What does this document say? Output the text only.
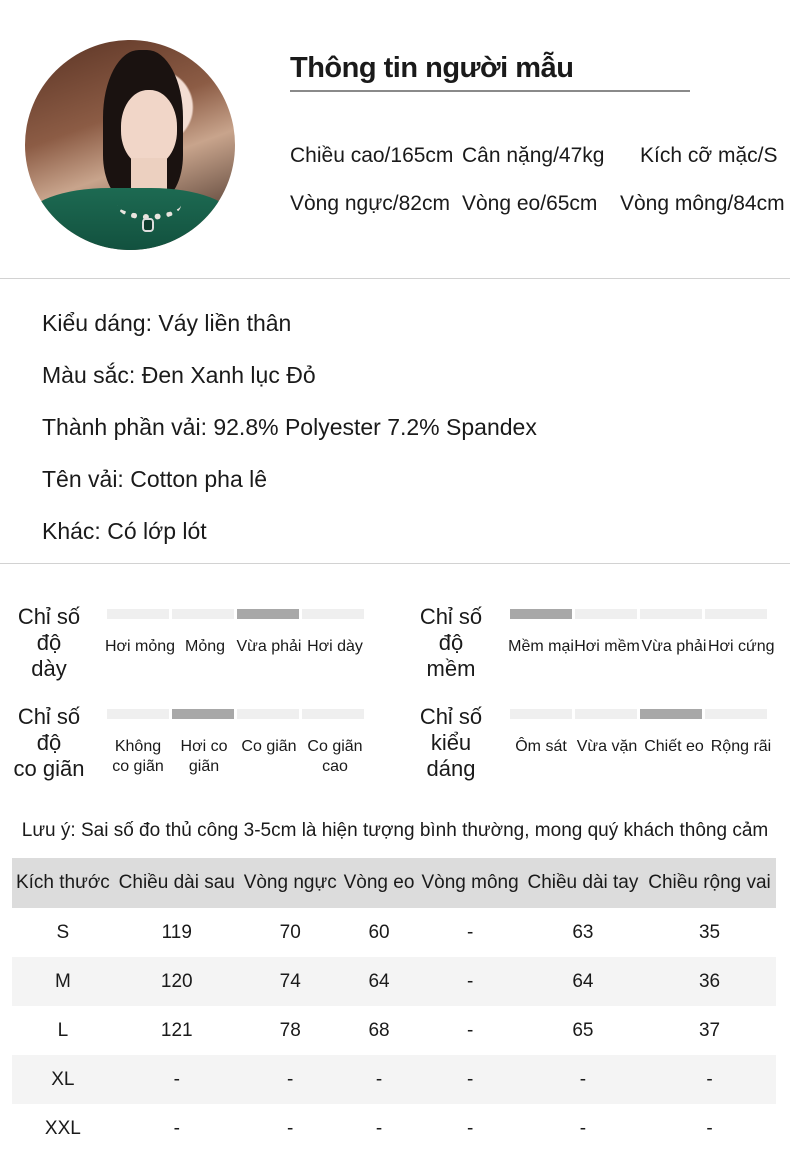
Thông tin người mẫu
Chiều cao/165cm Cân nặng/47kg Kích cỡ mặc/S
Vòng ngực/82cm Vòng eo/65cm Vòng mông/84cm
Kiểu dáng: Váy liền thân
Màu sắc: Đen Xanh lục Đỏ
Thành phần vải: 92.8% Polyester 7.2% Spandex
Tên vải: Cotton pha lê
Khác: Có lớp lót
Chỉ số độ
dày
Hơi mỏng Mỏng Vừa phải Hơi dày
Chỉ số độ
mềm
Mềm mại Hơi mềm Vừa phải Hơi cứng
Chỉ số độ
co giãn
Không co giãn
Hơi co giãn
Co giãn Co giãn cao
Chỉ số
kiểu dáng
Ôm sát Vừa vặn Chiết eo Rộng rãi
Lưu ý: Sai số đo thủ công 3-5cm là hiện tượng bình thường, mong quý khách thông cảm
Kích thước	Chiều dài sau	Vòng ngực	Vòng eo	Vòng mông	Chiều dài tay	Chiều rộng vai
S	119	70	60	-	63	35
M	120	74	64	-	64	36
L	121	78	68	-	65	37
XL	-	-	-	-	-	-
XXL	-	-	-	-	-	-
